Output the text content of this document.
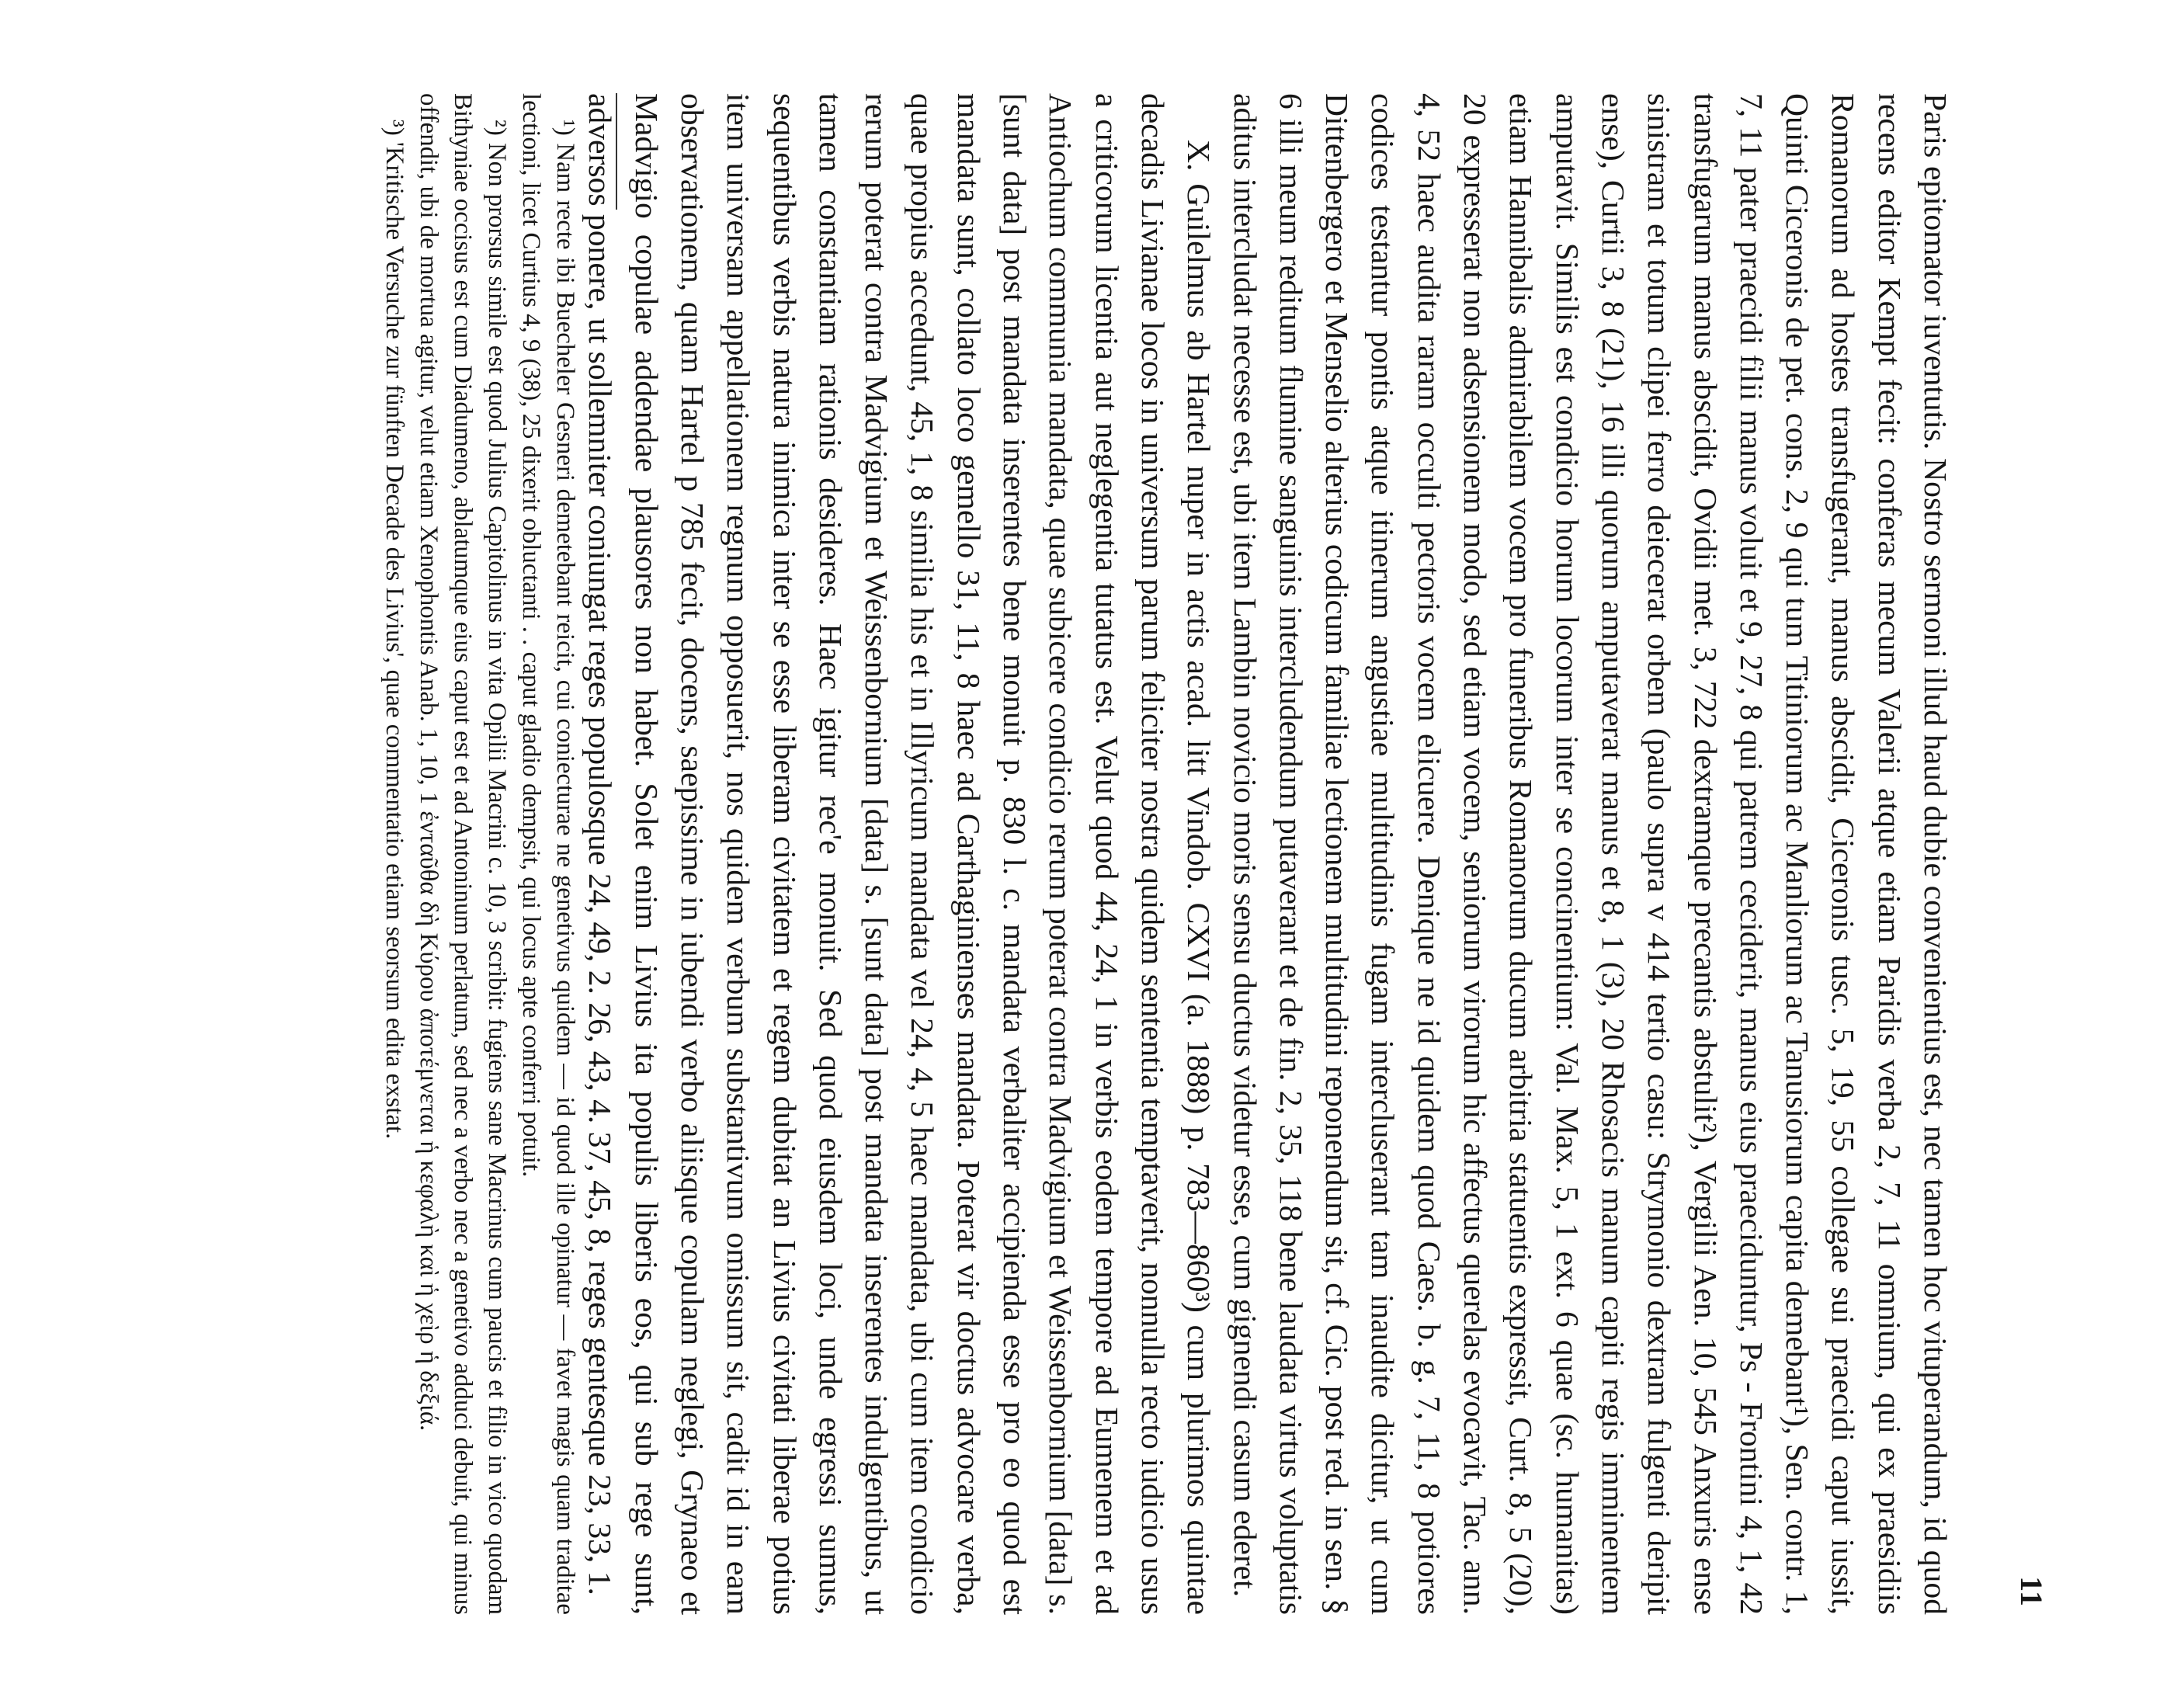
11

Paris epitomator iuventutis. Nostro sermoni illud haud dubie convenientius est, nec tamen hoc vituperandum, id quod recens editor Kempt fecit: conferas mecum Valerii atque etiam Paridis verba 2, 7, 11 omnium, qui ex praesidiis Romanorum ad hostes transfugerant, manus abscidit, Ciceronis tusc. 5, 19, 55 collegae sui praecidi caput iussit, Quinti Ciceronis de pet. cons. 2, 9 qui tum Titiniorum ac Manliorum ac Tanusiorum capita demebant¹), Sen. contr. 1, 7, 11 pater praecidi filii manus voluit et 9, 27, 8 qui patrem ceciderit, manus eius praeciduntur, Ps - Frontini 4, 1, 42 transfugarum manus abscidit, Ovidii met. 3, 722 dextramque precantis abstulit²), Vergilii Aen. 10, 545 Anxuris ense sinistram et totum clipei ferro deiecerat orbem (paulo supra v 414 tertio casu: Strymonio dextram fulgenti deripit ense), Curtii 3, 8 (21), 16 illi quorum amputaverat manus et 8, 1 (3), 20 Rhosacis manum capiti regis imminentem amputavit. Similis est condicio horum locorum inter se concinentium: Val. Max. 5, 1 ext. 6 quae (sc. humanitas) etiam Hannibalis admirabilem vocem pro funeribus Romanorum ducum arbitria statuentis expressit, Curt. 8, 5 (20), 20 expresserat non adsensionem modo, sed etiam vocem, seniorum virorum hic affectus querelas evocavit, Tac. ann. 4, 52 haec audita raram occulti pectoris vocem elicuere. Denique ne id quidem quod Caes. b. g. 7, 11, 8 potiores codices testantur pontis atque itinerum angustiae multitudinis fugam intercluserant tam inaudite dicitur, ut cum Dittenbergero et Menselio alterius codicum familiae lectionem multitudini reponendum sit, cf. Cic. post red. in sen. § 6 illi meum reditum flumine sanguinis intercludendum putaverant et de fin. 2, 35, 118 bene laudata virtus voluptatis aditus intercludat necesse est, ubi item Lambin novicio moris sensu ductus videtur esse, cum gignendi casum ederet.

X. Guilelmus ab Hartel nuper in actis acad. litt Vindob. CXVI (a. 1888) p. 783—860³) cum plurimos quintae decadis Livianae locos in universum parum feliciter nostra quidem sententia temptaverit, nonnulla recto iudicio usus a criticorum licentia aut neglegentia tutatus est. Velut quod 44, 24, 1 in verbis eodem tempore ad Eumenem et ad Antiochum communia mandata, quae subicere condicio rerum poterat contra Madvigium et Weissenbornium [data] s. [sunt data] post mandata inserentes bene monuit p. 830 l. c. mandata verbaliter accipienda esse pro eo quod est mandata sunt, collato loco gemello 31, 11, 8 haec ad Carthaginienses mandata. Poterat vir doctus advocare verba, quae propius accedunt, 45, 1, 8 similia his et in Illyricum mandata vel 24, 4, 5 haec mandata, ubi cum item condicio rerum poterat contra Madvigium et Weissenbornium [data] s. [sunt data] post mandata inserentes indulgentibus, ut tamen constantiam rationis desideres. Haec igitur rec'e monuit. Sed quod eiusdem loci, unde egressi sumus, sequentibus verbis natura inimica inter se esse liberam civitatem et regem dubitat an Livius civitati liberae potius item universam appellationem regnum opposuerit, nos quidem verbum substantivum omissum sit, cadit id in eam observationem, quam Hartel p 785 fecit, docens, saepissime in iubendi verbo aliisque copulam neglegi, Grynaeo et Madvigio copulae addendae plausores non habet. Solet enim Livius ita populis liberis eos, qui sub rege sunt, adversos ponere, ut sollemniter coniungat reges populosque 24, 49, 2. 26, 43, 4. 37, 45, 8, reges gentesque 23, 33, 1.

¹) Nam recte ibi Buecheler Gesneri demetebant reicit, cui coniecturae ne genetivus quidem — id quod ille opinatur — favet magis quam traditae lectioni, licet Curtius 4, 9 (38), 25 dixerit obluctanti . . caput gladio dempsit, qui locus apte conferri potuit.

²) Non prorsus simile est quod Julius Capitolinus in vita Opilii Macrini c. 10, 3 scribit: fugiens sane Macrinus cum paucis et filio in vico quodam Bithyniae occisus est cum Diadumeno, ablatumque eius caput est et ad Antoninum perlatum, sed nec a verbo nec a genetivo adduci debuit, qui minus offendit, ubi de mortua agitur, velut etiam Xenophontis Anab. 1, 10, 1 ἐνταῦθα δὴ Κύρου ἀποτέμνεται ἡ κεφαλὴ καὶ ἡ χεὶρ ἡ δεξιά.

³) 'Kritische Versuche zur fünften Decade des Livius', quae commentatio etiam seorsum edita exstat.
